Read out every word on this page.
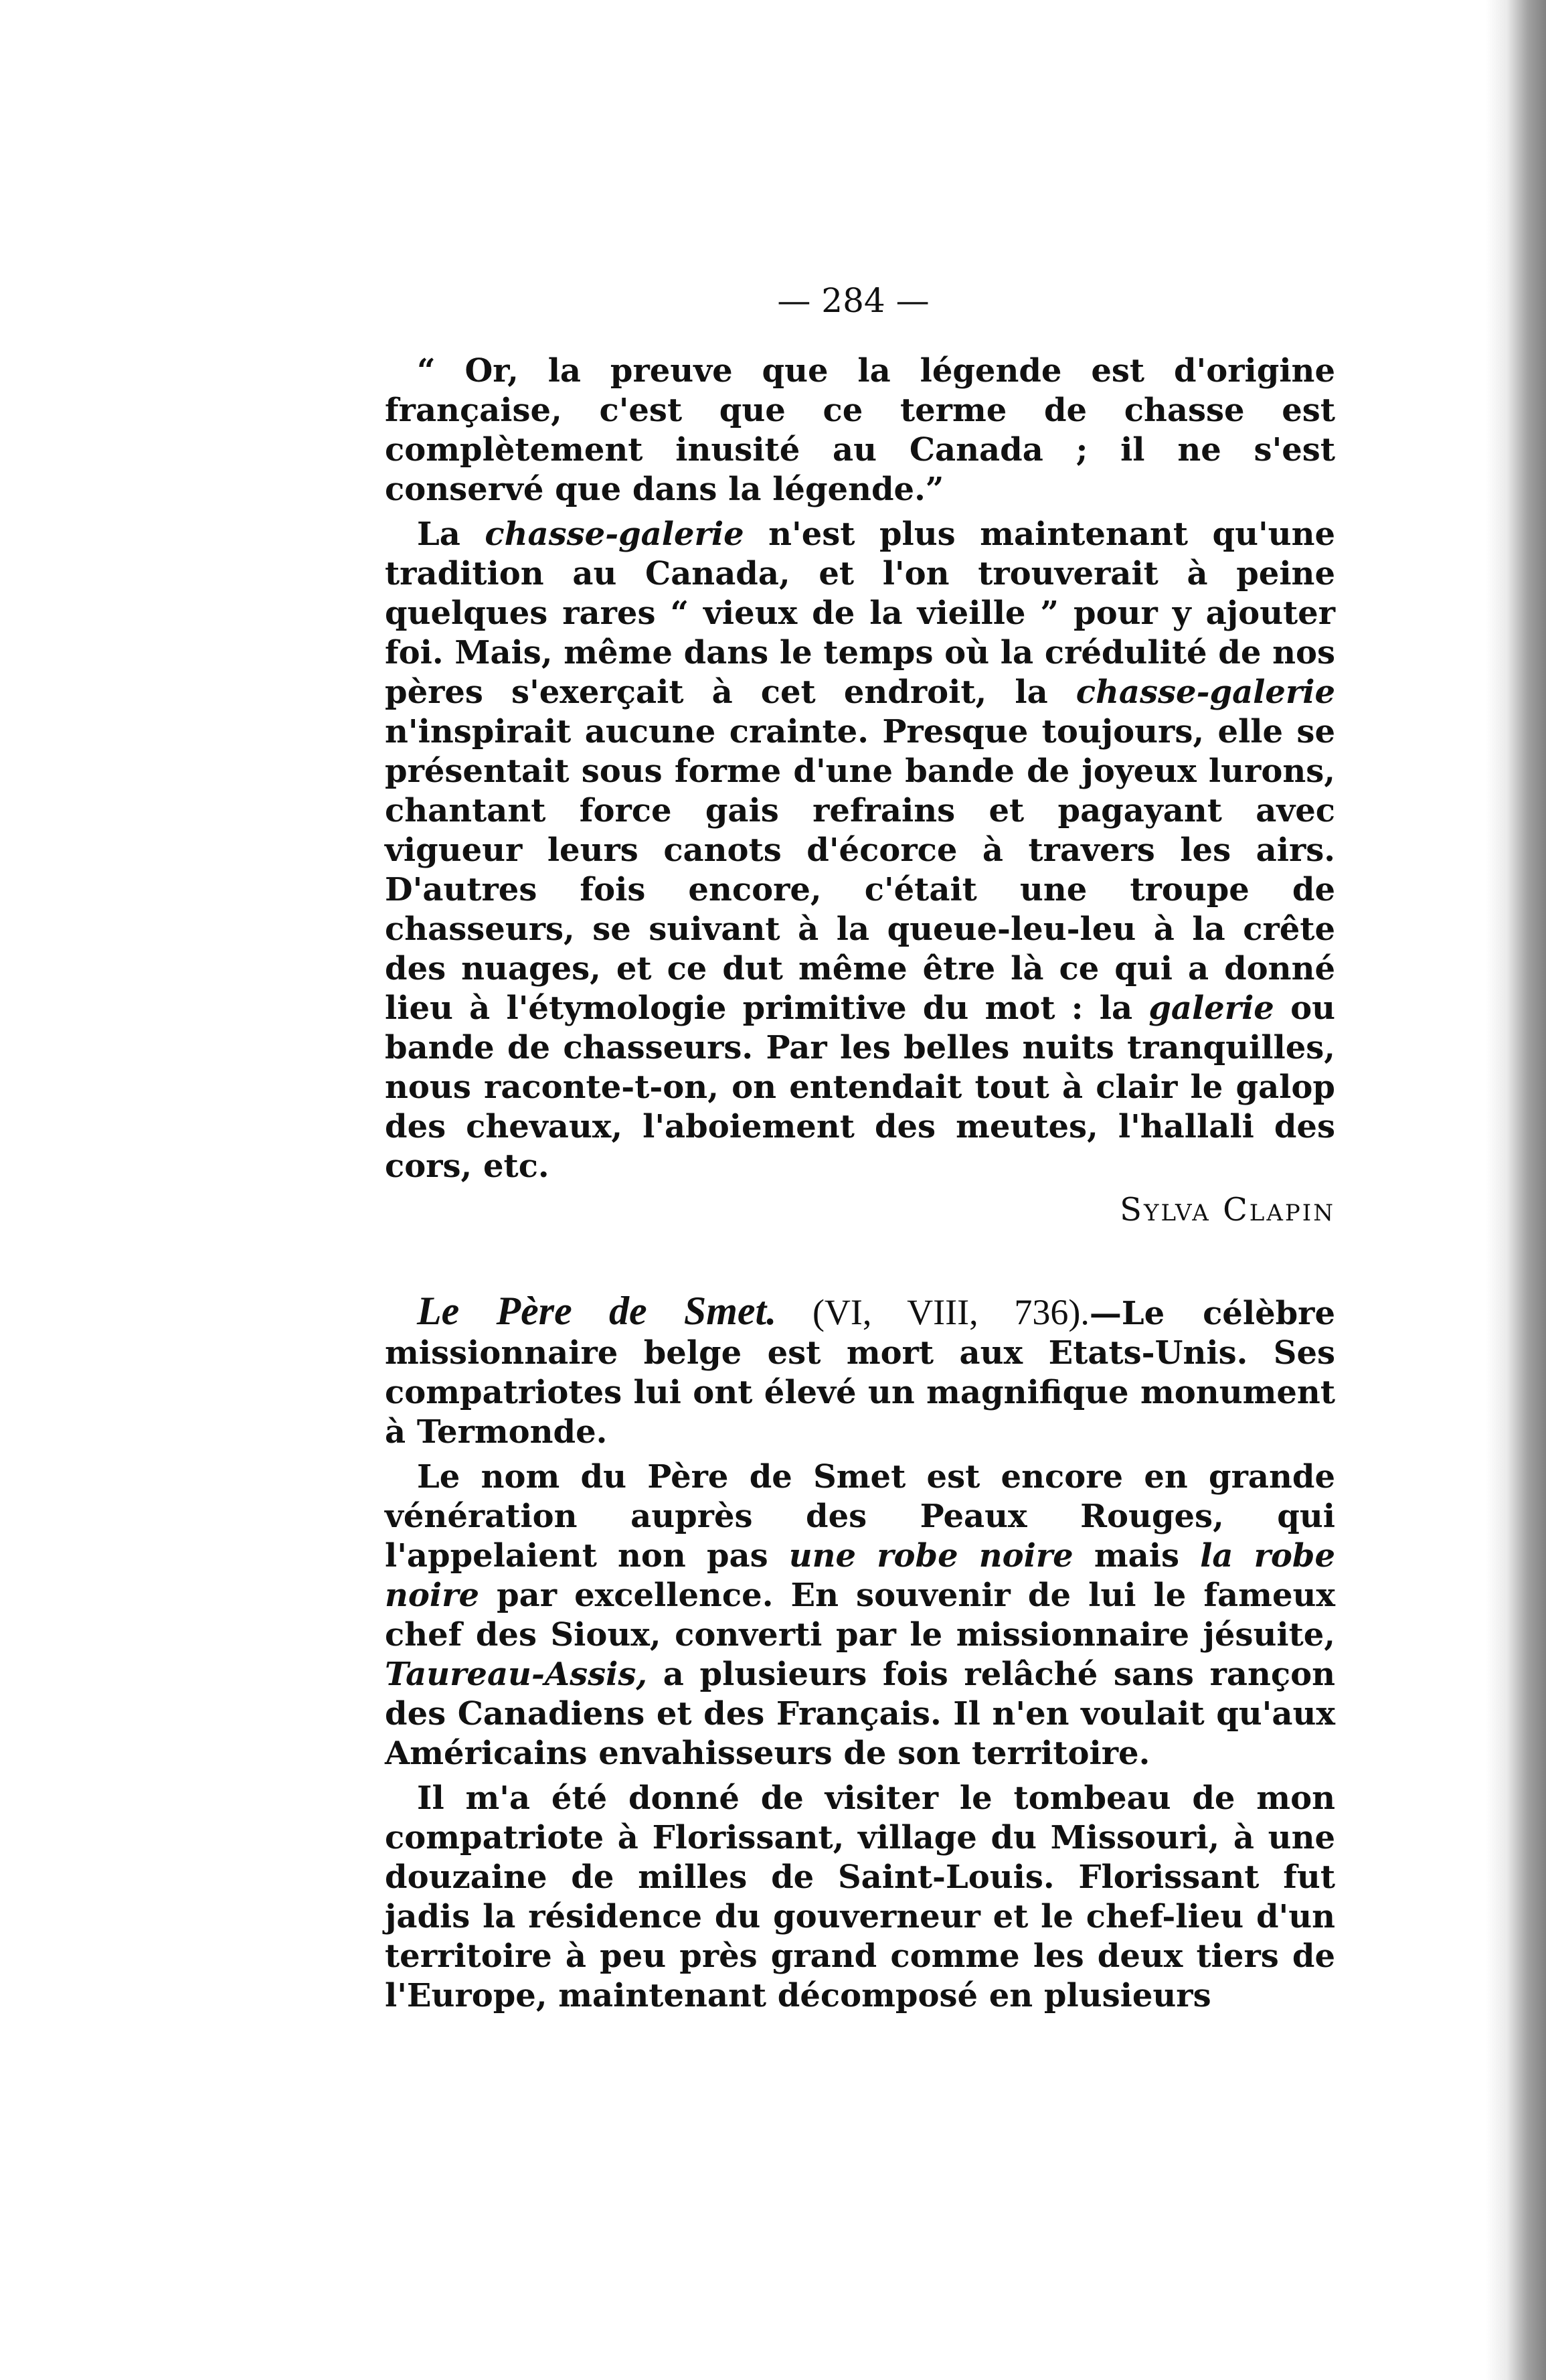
— 284 —

“ Or, la preuve que la légende est d'origine française, c'est que ce terme de chasse est complètement inusité au Canada ; il ne s'est conservé que dans la légende.”

La chasse-galerie n'est plus maintenant qu'une tradition au Canada, et l'on trouverait à peine quelques rares “ vieux de la vieille ” pour y ajouter foi. Mais, même dans le temps où la crédulité de nos pères s'exerçait à cet endroit, la chasse-galerie n'inspirait aucune crainte. Presque toujours, elle se présentait sous forme d'une bande de joyeux lurons, chantant force gais refrains et pagayant avec vigueur leurs canots d'écorce à travers les airs. D'autres fois encore, c'était une troupe de chasseurs, se suivant à la queue-leu-leu à la crête des nuages, et ce dut même être là ce qui a donné lieu à l'étymologie primitive du mot : la galerie ou bande de chasseurs. Par les belles nuits tranquilles, nous raconte-t-on, on entendait tout à clair le galop des chevaux, l'aboiement des meutes, l'hallali des cors, etc.

Sylva Clapin

Le Père de Smet. (VI, VIII, 736).—Le célèbre missionnaire belge est mort aux Etats-Unis. Ses compatriotes lui ont élevé un magnifique monument à Termonde.

Le nom du Père de Smet est encore en grande vénération auprès des Peaux Rouges, qui l'appelaient non pas une robe noire mais la robe noire par excellence. En souvenir de lui le fameux chef des Sioux, converti par le missionnaire jésuite, Taureau-Assis, a plusieurs fois relâché sans rançon des Canadiens et des Français. Il n'en voulait qu'aux Américains envahisseurs de son territoire.

Il m'a été donné de visiter le tombeau de mon compatriote à Florissant, village du Missouri, à une douzaine de milles de Saint-Louis. Florissant fut jadis la résidence du gouverneur et le chef-lieu d'un territoire à peu près grand comme les deux tiers de l'Europe, maintenant décomposé en plusieurs
